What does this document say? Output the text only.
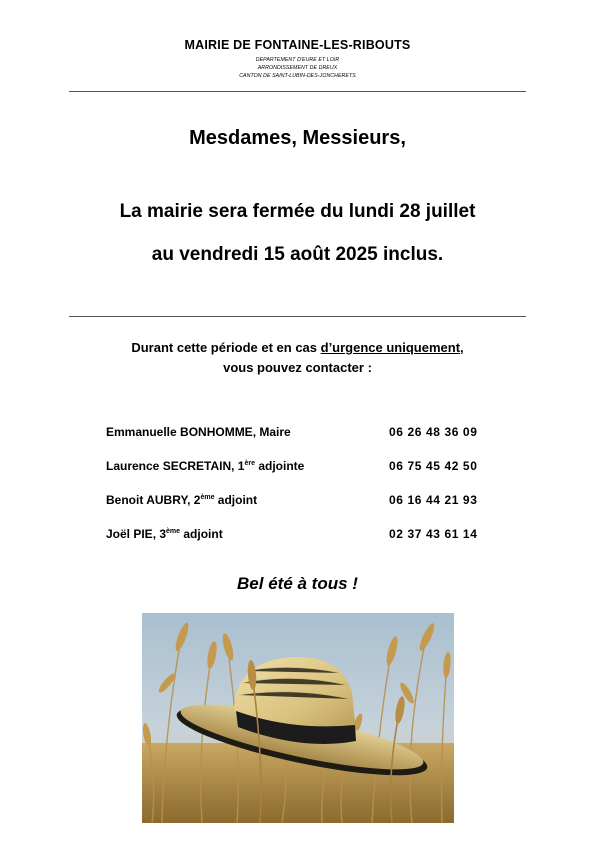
MAIRIE DE FONTAINE-LES-RIBOUTS
DEPARTEMENT D'EURE ET LOIR
ARRONDISSEMENT DE DREUX
CANTON DE SAINT-LUBIN-DES-JONCHERETS
Mesdames, Messieurs,
La mairie sera fermée du lundi 28 juillet
au vendredi 15 août 2025 inclus.
Durant cette période et en cas d’urgence uniquement,
vous pouvez contacter :
Emmanuelle BONHOMME, Maire	06 26 48 36 09
Laurence SECRETAIN, 1ère adjointe	06 75 45 42 50
Benoit AUBRY, 2ème adjoint	06 16 44 21 93
Joël PIE, 3ème adjoint	02 37 43 61 14
Bel été à tous !
